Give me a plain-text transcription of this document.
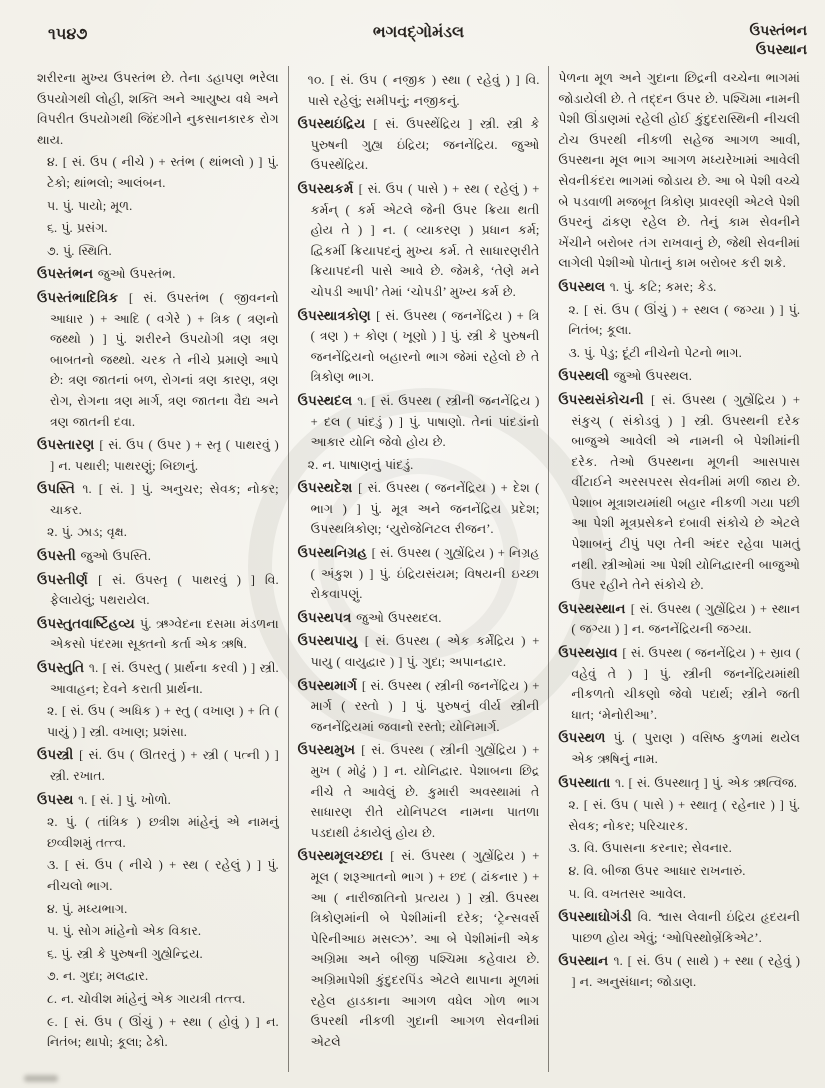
૧૫૪૭	ભગવદ્ગોમંડલ	ઉપસ્તંભન
ઉપસ્થાન
શરીરના મુખ્ય ઉપસ્તંભ છે. તેના ડહાપણ ભરેલા ઉપયોગથી લોહી, શક્તિ અને આયુષ્ય વધે અને વિપરીત ઉપયોગથી જિંદગીને નુકસાનકારક રોગ થાય.
૪. [ સં. ઉપ ( નીચે ) + સ્તંભ ( થાંભલો ) ] પું. ટેકો; થાંભલો; આલંબન.
૫. પું. પાયો; મૂળ.
૬. પું. પ્રસંગ.
૭. પું. સ્થિતિ.
ઉપસ્તંભન જુઓ ઉપસ્તંભ.
ઉપસ્તંભાદિત્રિક [ સં. ઉપસ્તંભ ( જીવનનો આધાર ) + આદિ ( વગેરે ) + ત્રિક ( ત્રણનો જથ્થો ) ] પું. શરીરને ઉપયોગી ત્રણ ત્રણ બાબતનો જથ્થો. ચરક તે નીચે પ્રમાણે આપે છે: ત્રણ જાતનાં બળ, રોગનાં ત્રણ કારણ, ત્રણ રોગ, રોગના ત્રણ માર્ગ, ત્રણ જાતના વૈદ્ય અને ત્રણ જાતની દવા.
ઉપસ્તારણ [ સં. ઉપ ( ઉપર ) + સ્તૃ ( પાથરવું ) ] ન. પથારી; પાથરણું; બિછાનું.
ઉપસ્તિ ૧. [ સં. ] પું. અનુચર; સેવક; નોકર; ચાકર.
૨. પું. ઝાડ; વૃક્ષ.
ઉપસ્તી જુઓ ઉપસ્તિ.
ઉપસ્તીર્ણ [ સં. ઉપસ્તૃ ( પાથરવું ) ] વિ. ફેલાયેલું; પથરાયેલ.
ઉપસ્તુતવાર્ષ્ટિહવ્ય પું. ઋગ્વેદના દસમા મંડળના એકસો પંદરમા સૂક્તનો કર્તા એક ઋષિ.
ઉપસ્તુતિ ૧. [ સં. ઉપસ્તુ ( પ્રાર્થના કરવી ) ] સ્ત્રી. આવાહન; દેવને કરાતી પ્રાર્થના.
૨. [ સં. ઉપ ( અધિક ) + સ્તુ ( વખાણ ) + તિ ( પાયું ) ] સ્ત્રી. વખાણ; પ્રશંસા.
ઉપસ્ત્રી [ સં. ઉપ ( ઊતરતું ) + સ્ત્રી ( પત્ની ) ] સ્ત્રી. રખાત.
ઉપસ્થ ૧. [ સં. ] પું. ખોળો.
૨. પું. ( તાંત્રિક ) છત્રીશ માંહેનું એ નામનું છવ્વીશમું તત્ત્વ.
૩. [ સં. ઉપ ( નીચે ) + સ્થ ( રહેલું ) ] પું. નીચલો ભાગ.
૪. પું. મધ્યભાગ.
૫. પું. સોગ માંહેનો એક વિકાર.
૬. પું. સ્ત્રી કે પુરુષની ગુહ્યેન્દ્રિય.
૭. ન. ગુદા; મલદ્વાર.
૮. ન. ચોવીશ માંહેનું એક ગાયત્રી તત્ત્વ.
૯. [ સં. ઉપ ( ઊંચું ) + સ્થા ( હોવું ) ] ન. નિતંબ; થાપો; કૂલા; ઢેકો.
૧૦. [ સં. ઉપ ( નજીક ) સ્થા ( રહેવું ) ] વિ. પાસે રહેલું; સમીપનું; નજીકનું.
ઉપસ્થઇંદ્રિય [ સં. ઉપસ્થેંદ્રિય ] સ્ત્રી. સ્ત્રી કે પુરુષની ગુહ્ય ઇંદ્રિય; જનનેંદ્રિય. જુઓ ઉપસ્થેંદ્રિય.
ઉપસ્થકર્મ [ સં. ઉપ ( પાસે ) + સ્થ ( રહેલું ) + કર્મન્ ( કર્મ એટલે જેની ઉપર ક્રિયા થતી હોય તે ) ] ન. ( વ્યાકરણ ) પ્રધાન કર્મ; દ્વિકર્મી ક્રિયાપદનું મુખ્ય કર્મ. તે સાધારણરીતે ક્રિયાપદની પાસે આવે છે. જેમકે, ‘તેણે મને ચોપડી આપી’ તેમાં ‘ચોપડી’ મુખ્ય કર્મ છે.
ઉપસ્થાત્રકોણ [ સં. ઉપસ્થ ( જનનેંદ્રિય ) + ત્રિ ( ત્રણ ) + કોણ ( ખૂણો ) ] પું. સ્ત્રી કે પુરુષની જનનેંદ્રિયનો બહારનો ભાગ જેમાં રહેલો છે તે ત્રિકોણ ભાગ.
ઉપસ્થદલ ૧. [ સં. ઉપસ્થ ( સ્ત્રીની જનનેંદ્રિય ) + દલ ( પાંદડું ) ] પું. પાષાણો. તેનાં પાંદડાંનો આકાર યોનિ જેવો હોય છે.
૨. ન. પાષાણનું પાંદડું.
ઉપસ્થદેશ [ સં. ઉપસ્થ ( જનનેંદ્રિય ) + દેશ ( ભાગ ) ] પું. મૂત્ર અને જનનેંદ્રિય પ્રદેશ; ઉપસ્થત્રિકોણ; ‘યુરોજેનિટલ રીજન’.
ઉપસ્થનિગ્રહ [ સં. ઉપસ્થ ( ગુહ્યેંદ્રિય ) + નિગ્રહ ( અંકુશ ) ] પું. ઇંદ્રિયસંયમ; વિષયની ઇચ્છા રોકવાપણું.
ઉપસ્થપત્ર જુઓ ઉપસ્થદલ.
ઉપસ્થપાયુ [ સં. ઉપસ્થ ( એક કર્મેંદ્રિય ) + પાયુ ( વાયુદ્વાર ) ] પું. ગુદા; અપાનદ્વાર.
ઉપસ્થમાર્ગ [ સં. ઉપસ્થ ( સ્ત્રીની જનનેંદ્રિય ) + માર્ગ ( રસ્તો ) ] પું. પુરુષનું વીર્ય સ્ત્રીની જનનેંદ્રિયમાં જવાનો રસ્તો; યોનિમાર્ગ.
ઉપસ્થમુખ [ સં. ઉપસ્થ ( સ્ત્રીની ગુહ્યેંદ્રિય ) + મુખ ( મોઢું ) ] ન. યોનિદ્વાર. પેશાબના છિદ્ર નીચે તે આવેલું છે. કુમારી અવસ્થામાં તે સાધારણ રીતે યોનિપટલ નામના પાતળા પડદાથી ઢંકાયેલું હોય છે.
ઉપસ્થમૂલચ્છદા [ સં. ઉપસ્થ ( ગુહ્યેંદ્રિય ) + મૂલ ( શરૂઆતનો ભાગ ) + છદ ( ઢાંકનાર ) + આ ( નારીજાતિનો પ્રત્યય ) ] સ્ત્રી. ઉપસ્થ ત્રિકોણમાંની બે પેશીમાંની દરેક; ‘ટ્રેન્સવર્સ પેરિનીઆઇ મસલ્ઝ’. આ બે પેશીમાંની એક અગ્રિમા અને બીજી પશ્ચિમા કહેવાય છે. અગ્રિમાપેશી કુંદુદરપિંડ એટલે થાપાના મૂળમાં રહેલ હાડકાના આગળ વધેલ ગોળ ભાગ ઉપરથી નીકળી ગુદાની આગળ સેવનીમાં એટલે
પેળના મૂળ અને ગુદાના છિદ્રની વચ્ચેના ભાગમાં જોડાયેલી છે. તે તદ્દન ઉપર છે. પશ્ચિમા નામની પેશી ઊંડાણમાં રહેલી હોઈ કુંદુદરાસ્થિની નીચલી ટોચ ઉપરથી નીકળી સહેજ આગળ આવી, ઉપસ્થના મૂલ ભાગ આગળ મધ્યરેખામાં આવેલી સેવનીકંદરા ભાગમાં જોડાય છે. આ બે પેશી વચ્ચે બે પડવાળી મજબૂત ત્રિકોણ પ્રાવરણી એટલે પેશી ઉપરનું ઢાંકણ રહેલ છે. તેનું કામ સેવનીને ખેંચીને બરોબર તંગ રાખવાનું છે, જેથી સેવનીમાં લાગેલી પેશીઓ પોતાનું કામ બરોબર કરી શકે.
ઉપસ્થલ ૧. પું. કટિ; કમર; કેડ.
૨. [ સં. ઉપ ( ઊંચું ) + સ્થલ ( જગ્યા ) ] પું. નિતંબ; કૂલા.
૩. પું. પેડુ; દૂંટી નીચેનો પેટનો ભાગ.
ઉપસ્થલી જુઓ ઉપસ્થલ.
ઉપસ્થસંકોચની [ સં. ઉપસ્થ ( ગુહ્યેંદ્રિય ) + સંકુચ્ ( સંકોડવું ) ] સ્ત્રી. ઉપસ્થની દરેક બાજુએ આવેલી એ નામની બે પેશીમાંની દરેક. તેઓ ઉપસ્થના મૂળની આસપાસ વીંટાઈને અરસપરસ સેવનીમાં મળી જાય છે. પેશાબ મૂત્રાશયમાંથી બહાર નીકળી ગયા પછી આ પેશી મૂત્રપ્રસેકને દબાવી સંકોચે છે એટલે પેશાબનું ટીપું પણ તેની અંદર રહેવા પામતું નથી. સ્ત્રીઓમાં આ પેશી યોનિદ્વારની બાજુઓ ઉપર રહીને તેને સંકોચે છે.
ઉપસ્થસ્થાન [ સં. ઉપસ્થ ( ગુહ્યેંદ્રિય ) + સ્થાન ( જગ્યા ) ] ન. જનનેંદ્રિયની જગ્યા.
ઉપસ્થસ્રાવ [ સં. ઉપસ્થ ( જનનેંદ્રિય ) + સ્રાવ ( વહેવું તે ) ] પું. સ્ત્રીની જનનેંદ્રિયમાંથી નીકળતો ચીકણો જેવો પદાર્થ; સ્ત્રીને જતી ધાત; ‘મેનોરીઆ’.
ઉપસ્થળ પું. ( પુરાણ ) વસિષ્ઠ કુળમાં થયેલ એક ઋષિનું નામ.
ઉપસ્થાતા ૧. [ સં. ઉપસ્થાતૃ ] પું. એક ઋત્વિજ.
૨. [ સં. ઉપ ( પાસે ) + સ્થાતૃ ( રહેનાર ) ] પું. સેવક; નોકર; પરિચારક.
૩. વિ. ઉપાસના કરનાર; સેવનાર.
૪. વિ. બીજા ઉપર આધાર રાખનારું.
૫. વિ. વખતસર આવેલ.
ઉપસ્થાઘોગંડી વિ. શ્વાસ લેવાની ઇંદ્રિય હૃદયની પાછળ હોય એવું; ‘ઓપિસ્થોબ્રેંકિએટ’.
ઉપસ્થાન ૧. [ સં. ઉપ ( સાથે ) + સ્થા ( રહેવું ) ] ન. અનુસંધાન; જોડાણ.
